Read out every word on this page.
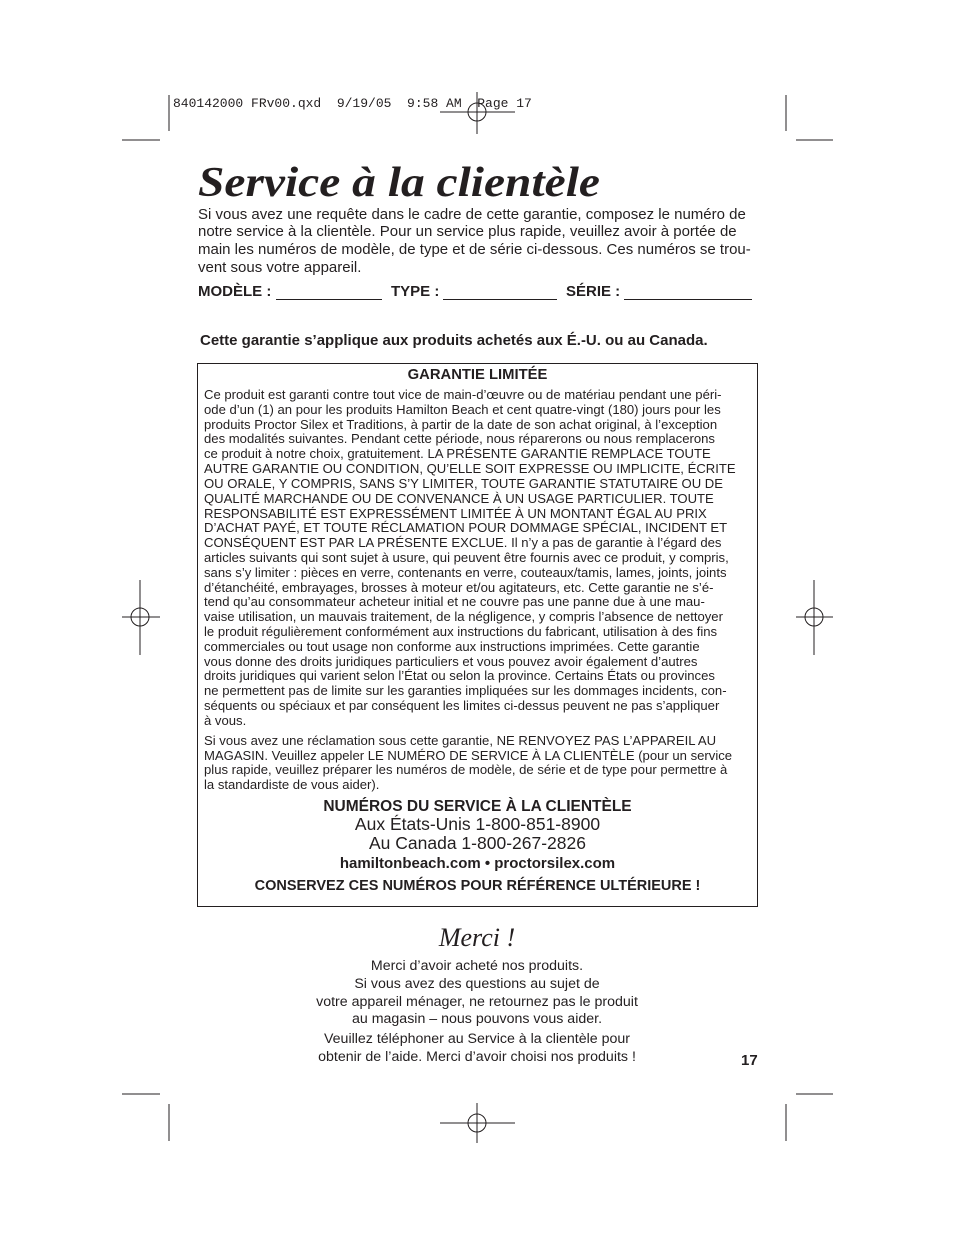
840142000 FRv00.qxd  9/19/05  9:58 AM  Page 17
Service à la clientèle
Si vous avez une requête dans le cadre de cette garantie, composez le numéro de
notre service à la clientèle. Pour un service plus rapide, veuillez avoir à portée de
main les numéros de modèle, de type et de série ci-dessous. Ces numéros se trou-
vent sous votre appareil.
MODÈLE :	TYPE :	SÉRIE :
Cette garantie s’applique aux produits achetés aux É.-U. ou au Canada.
GARANTIE LIMITÉE
Ce produit est garanti contre tout vice de main-d’œuvre ou de matériau pendant une péri-
ode d’un (1) an pour les produits Hamilton Beach et cent quatre-vingt (180) jours pour les
produits Proctor Silex et Traditions, à partir de la date de son achat original, à l’exception
des modalités suivantes. Pendant cette période, nous réparerons ou nous remplacerons
ce produit à notre choix, gratuitement. LA PRÉSENTE GARANTIE REMPLACE TOUTE
AUTRE GARANTIE OU CONDITION, QU’ELLE SOIT EXPRESSE OU IMPLICITE, ÉCRITE
OU ORALE, Y COMPRIS, SANS S’Y LIMITER, TOUTE GARANTIE STATUTAIRE OU DE
QUALITÉ MARCHANDE OU DE CONVENANCE À UN USAGE PARTICULIER. TOUTE
RESPONSABILITÉ EST EXPRESSÉMENT LIMITÉE À UN MONTANT ÉGAL AU PRIX
D’ACHAT PAYÉ, ET TOUTE RÉCLAMATION POUR DOMMAGE SPÉCIAL, INCIDENT ET
CONSÉQUENT EST PAR LA PRÉSENTE EXCLUE. Il n’y a pas de garantie à l’égard des
articles suivants qui sont sujet à usure, qui peuvent être fournis avec ce produit, y compris,
sans s’y limiter : pièces en verre, contenants en verre, couteaux/tamis, lames, joints, joints
d’étanchéité, embrayages, brosses à moteur et/ou agitateurs, etc. Cette garantie ne s’é-
tend qu’au consommateur acheteur initial et ne couvre pas une panne due à une mau-
vaise utilisation, un mauvais traitement, de la négligence, y compris l’absence de nettoyer
le produit régulièrement conformément aux instructions du fabricant, utilisation à des fins
commerciales ou tout usage non conforme aux instructions imprimées. Cette garantie
vous donne des droits juridiques particuliers et vous pouvez avoir également d’autres
droits juridiques qui varient selon l’État ou selon la province. Certains États ou provinces
ne permettent pas de limite sur les garanties impliquées sur les dommages incidents, con-
séquents ou spéciaux et par conséquent les limites ci-dessus peuvent ne pas s’appliquer
à vous.
Si vous avez une réclamation sous cette garantie, NE RENVOYEZ PAS L’APPAREIL AU
MAGASIN. Veuillez appeler LE NUMÉRO DE SERVICE À LA CLIENTÈLE (pour un service
plus rapide, veuillez préparer les numéros de modèle, de série et de type pour permettre à
la standardiste de vous aider).
NUMÉROS DU SERVICE À LA CLIENTÈLE
Aux États-Unis 1-800-851-8900
Au Canada 1-800-267-2826
hamiltonbeach.com • proctorsilex.com
CONSERVEZ CES NUMÉROS POUR RÉFÉRENCE ULTÉRIEURE !
Merci !
Merci d’avoir acheté nos produits.
Si vous avez des questions au sujet de
votre appareil ménager, ne retournez pas le produit
au magasin – nous pouvons vous aider.
Veuillez téléphoner au Service à la clientèle pour
obtenir de l’aide. Merci d’avoir choisi nos produits !	17
